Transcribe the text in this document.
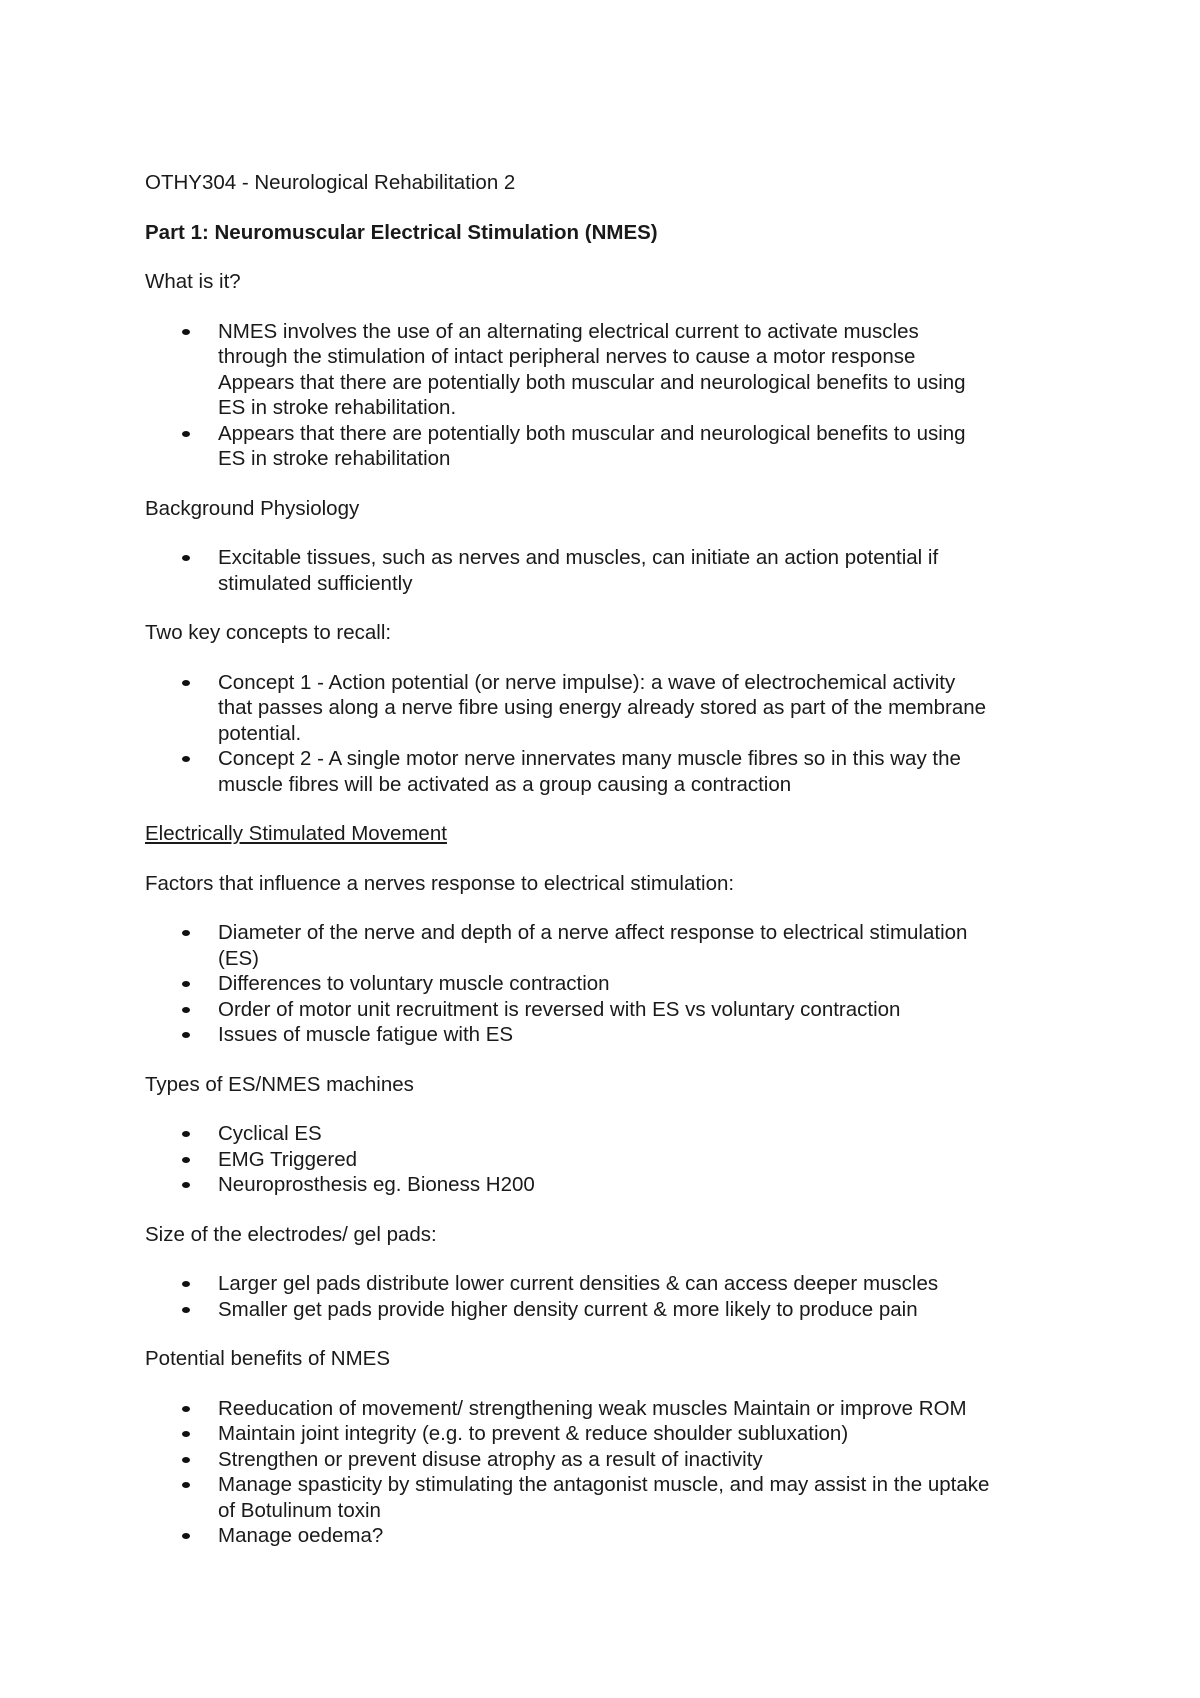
OTHY304 - Neurological Rehabilitation 2

Part 1: Neuromuscular Electrical Stimulation (NMES)

What is it?

NMES involves the use of an alternating electrical current to activate muscles
through the stimulation of intact peripheral nerves to cause a motor response
Appears that there are potentially both muscular and neurological benefits to using
ES in stroke rehabilitation.
Appears that there are potentially both muscular and neurological benefits to using
ES in stroke rehabilitation

Background Physiology

Excitable tissues, such as nerves and muscles, can initiate an action potential if
stimulated sufficiently

Two key concepts to recall:

Concept 1 - Action potential (or nerve impulse): a wave of electrochemical activity
that passes along a nerve fibre using energy already stored as part of the membrane
potential.
Concept 2 - A single motor nerve innervates many muscle fibres so in this way the
muscle fibres will be activated as a group causing a contraction

Electrically Stimulated Movement

Factors that influence a nerves response to electrical stimulation:

Diameter of the nerve and depth of a nerve affect response to electrical stimulation
(ES)
Differences to voluntary muscle contraction
Order of motor unit recruitment is reversed with ES vs voluntary contraction
Issues of muscle fatigue with ES

Types of ES/NMES machines

Cyclical ES
EMG Triggered
Neuroprosthesis eg. Bioness H200

Size of the electrodes/ gel pads:

Larger gel pads distribute lower current densities & can access deeper muscles
Smaller get pads provide higher density current & more likely to produce pain

Potential benefits of NMES

Reeducation of movement/ strengthening weak muscles Maintain or improve ROM
Maintain joint integrity (e.g. to prevent & reduce shoulder subluxation)
Strengthen or prevent disuse atrophy as a result of inactivity
Manage spasticity by stimulating the antagonist muscle, and may assist in the uptake
of Botulinum toxin
Manage oedema?
